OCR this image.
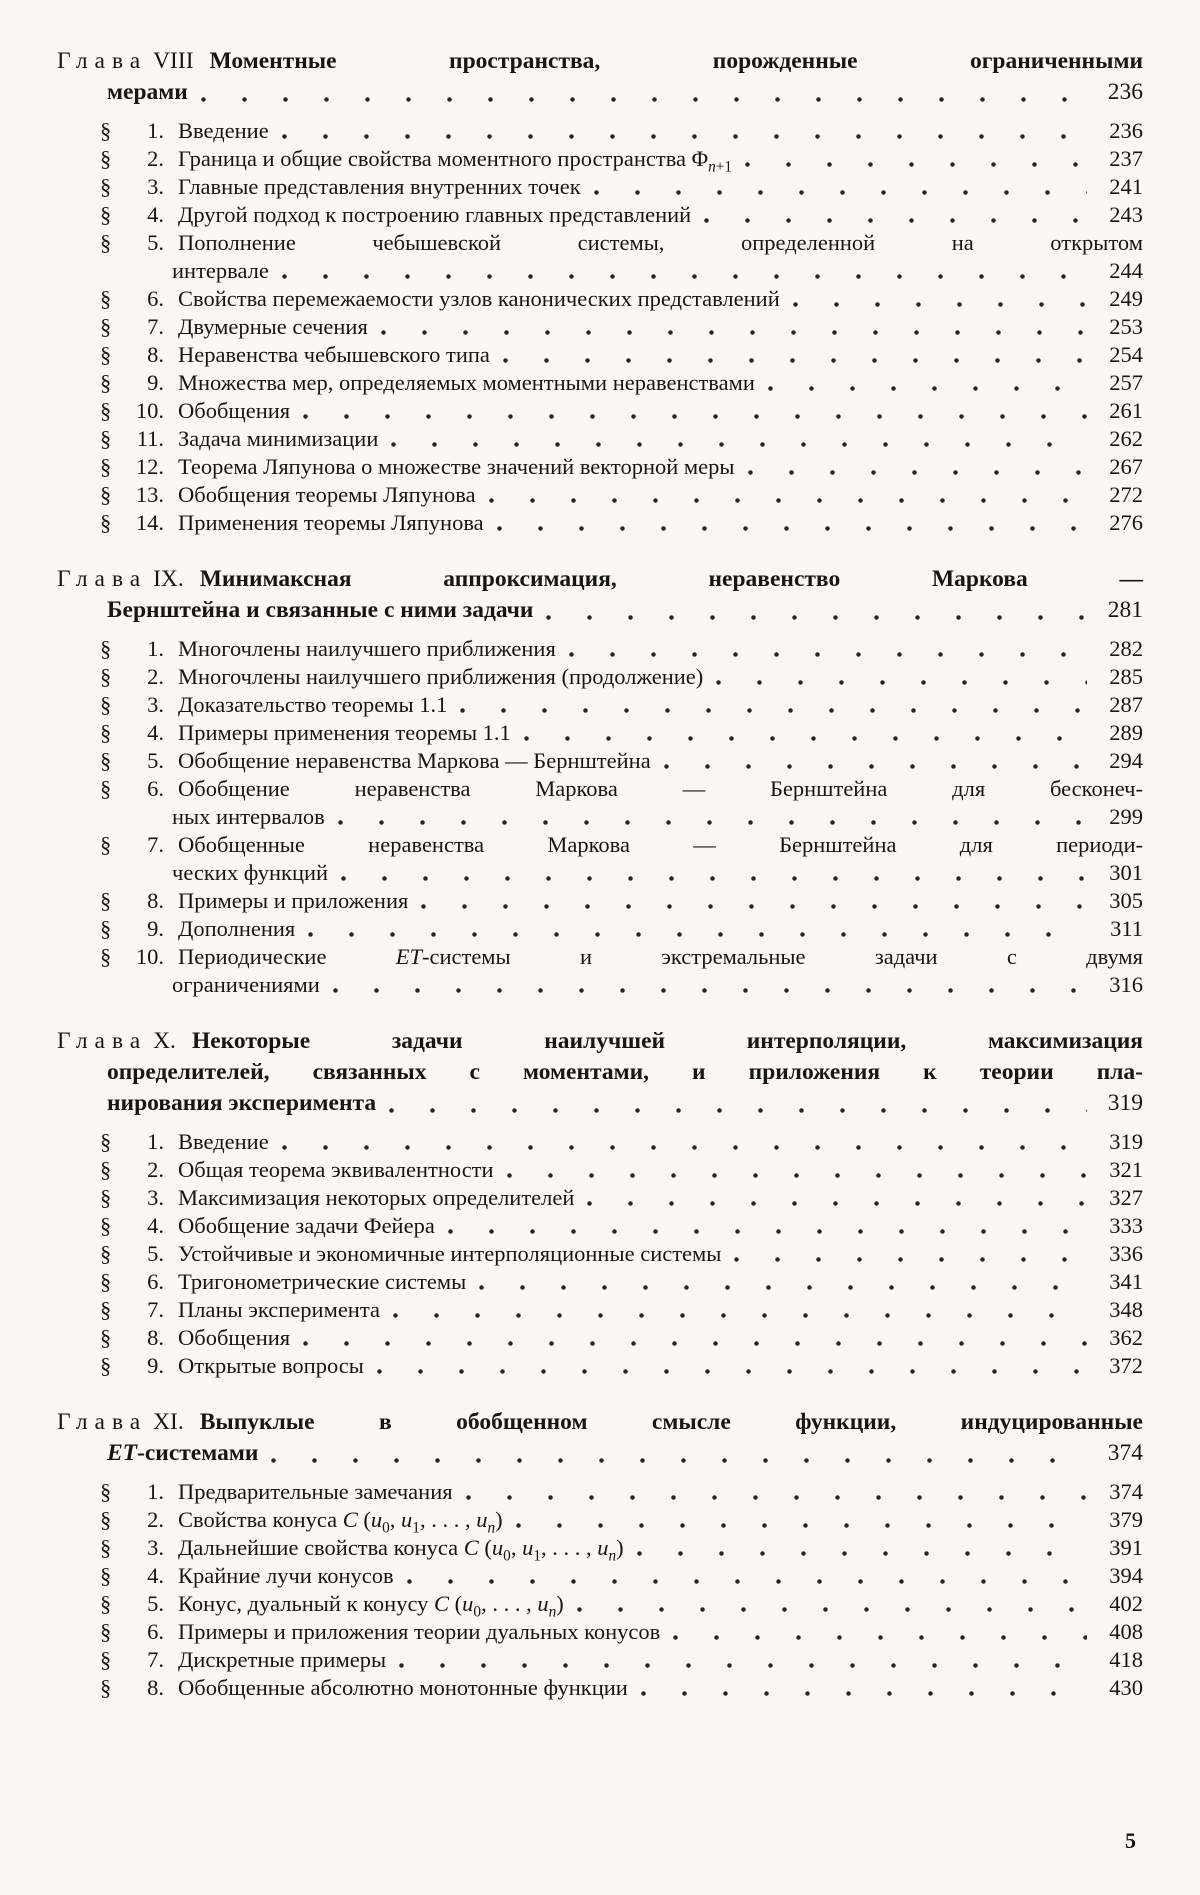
Глава VIII Моментные пространства, порожденные ограниченными
мерами	236
§	1. Введение	236
§	2. Граница и общие свойства моментного пространства $\Phi_{n+1}$	237
§	3. Главные представления внутренних точек	241
§	4. Другой подход к построению главных представлений	243
§	5. Пополнение чебышевской системы, определенной на открытом
интервале	244
§	6. Свойства перемежаемости узлов канонических представлений	249
§	7. Двумерные сечения	253
§	8. Неравенства чебышевского типа	254
§	9. Множества мер, определяемых моментными неравенствами	257
§	10. Обобщения	261
§	11. Задача минимизации	262
§	12. Теорема Ляпунова о множестве значений векторной меры	267
§	13. Обобщения теоремы Ляпунова	272
§	14. Применения теоремы Ляпунова	276
Глава IX. Минимаксная аппроксимация, неравенство Маркова —
Бернштейна и связанные с ними задачи	281
§	1. Многочлены наилучшего приближения	282
§	2. Многочлены наилучшего приближения (продолжение)	285
§	3. Доказательство теоремы 1.1	287
§	4. Примеры применения теоремы 1.1	289
§	5. Обобщение неравенства Маркова — Бернштейна	294
§	6. Обобщение неравенства Маркова — Бернштейна для бесконеч-
ных интервалов	299
§	7. Обобщенные неравенства Маркова — Бернштейна для периоди-
ческих функций	301
§	8. Примеры и приложения	305
§	9. Дополнения	311
§	10. Периодические ET-системы и экстремальные задачи с двумя
ограничениями	316
Глава X. Некоторые задачи наилучшей интерполяции, максимизация
определителей, связанных с моментами, и приложения к теории пла-
нирования эксперимента	319
§	1. Введение	319
§	2. Общая теорема эквивалентности	321
§	3. Максимизация некоторых определителей	327
§	4. Обобщение задачи Фейера	333
§	5. Устойчивые и экономичные интерполяционные системы	336
§	6. Тригонометрические системы	341
§	7. Планы эксперимента	348
§	8. Обобщения	362
§	9. Открытые вопросы	372
Глава XI. Выпуклые в обобщенном смысле функции, индуцированные
ET-системами	374
§	1. Предварительные замечания	374
§	2. Свойства конуса C ($u_0$, $u_1$, . . . , $u_n$)	379
§	3. Дальнейшие свойства конуса C ($u_0$, $u_1$, . . . , $u_n$)	391
§	4. Крайние лучи конусов	394
§	5. Конус, дуальный к конусу C ($u_0$, . . . , $u_n$)	402
§	6. Примеры и приложения теории дуальных конусов	408
§	7. Дискретные примеры	418
§	8. Обобщенные абсолютно монотонные функции	430
5
